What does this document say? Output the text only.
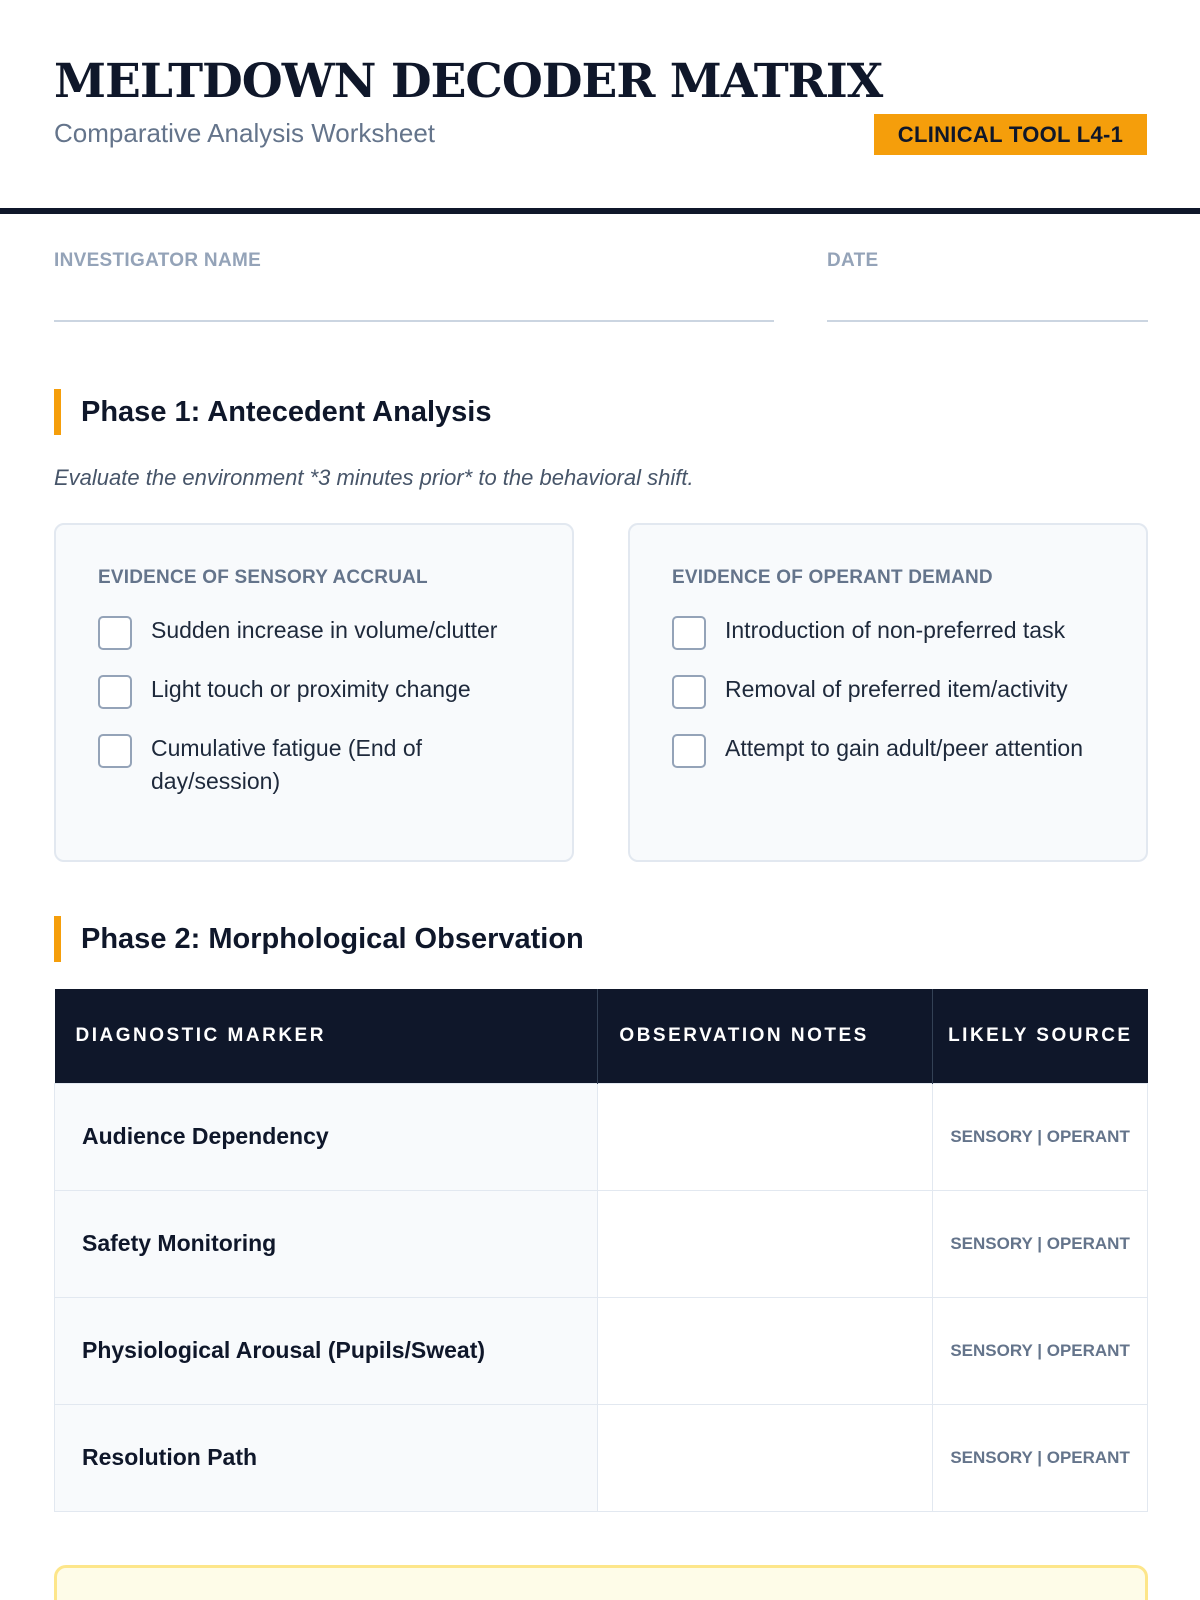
MELTDOWN DECODER MATRIX
Comparative Analysis Worksheet	CLINICAL TOOL L4-1
INVESTIGATOR NAME	DATE
Phase 1: Antecedent Analysis
Evaluate the environment *3 minutes prior* to the behavioral shift.
EVIDENCE OF SENSORY ACCRUAL
Sudden increase in volume/clutter
Light touch or proximity change
Cumulative fatigue (End of day/session)
EVIDENCE OF OPERANT DEMAND
Introduction of non-preferred task
Removal of preferred item/activity
Attempt to gain adult/peer attention
Phase 2: Morphological Observation
DIAGNOSTIC MARKER	OBSERVATION NOTES	LIKELY SOURCE
Audience Dependency		SENSORY | OPERANT
Safety Monitoring		SENSORY | OPERANT
Physiological Arousal (Pupils/Sweat)		SENSORY | OPERANT
Resolution Path		SENSORY | OPERANT
